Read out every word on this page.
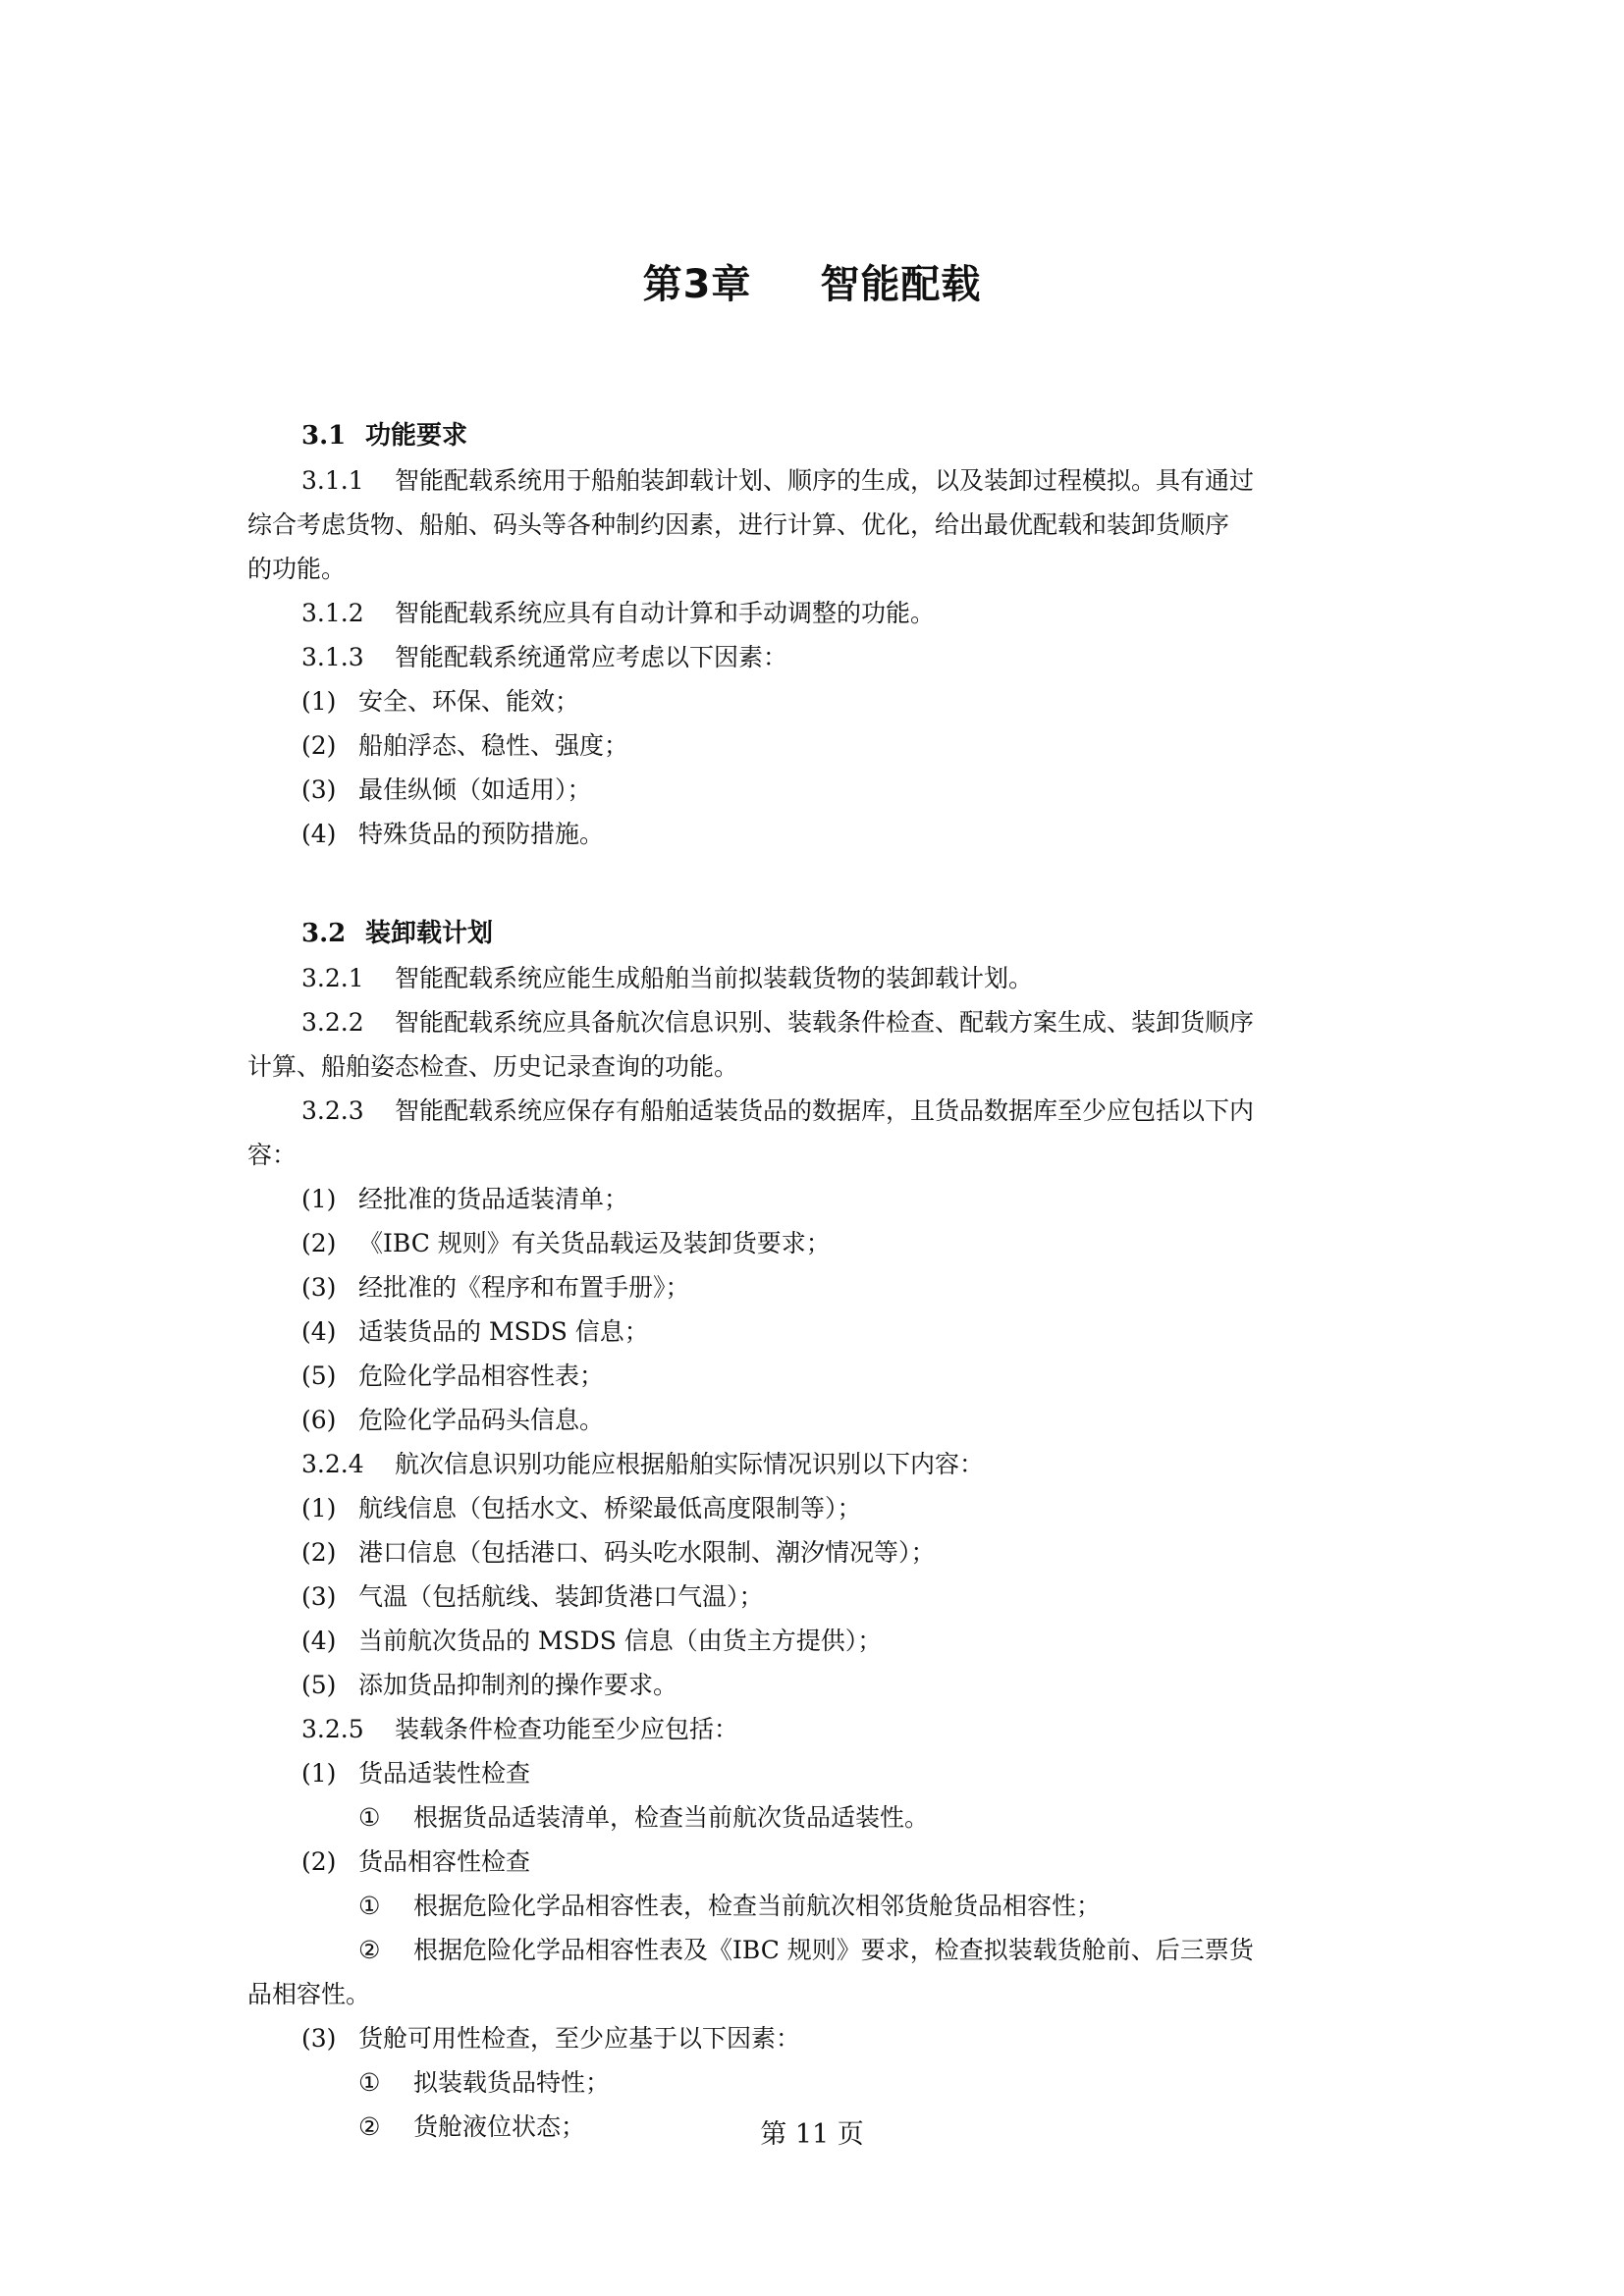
第3章 智能配载
3.1 功能要求
3.1.1 智能配载系统用于船舶装卸载计划、顺序的生成，以及装卸过程模拟。具有通过
综合考虑货物、船舶、码头等各种制约因素，进行计算、优化，给出最优配载和装卸货顺序
的功能。
3.1.2 智能配载系统应具有自动计算和手动调整的功能。
3.1.3 智能配载系统通常应考虑以下因素：
(1) 安全、环保、能效；
(2) 船舶浮态、稳性、强度；
(3) 最佳纵倾（如适用）；
(4) 特殊货品的预防措施。
3.2 装卸载计划
3.2.1 智能配载系统应能生成船舶当前拟装载货物的装卸载计划。
3.2.2 智能配载系统应具备航次信息识别、装载条件检查、配载方案生成、装卸货顺序
计算、船舶姿态检查、历史记录查询的功能。
3.2.3 智能配载系统应保存有船舶适装货品的数据库，且货品数据库至少应包括以下内
容：
(1) 经批准的货品适装清单；
(2) 《IBC 规则》有关货品载运及装卸货要求；
(3) 经批准的《程序和布置手册》；
(4) 适装货品的 MSDS 信息；
(5) 危险化学品相容性表；
(6) 危险化学品码头信息。
3.2.4 航次信息识别功能应根据船舶实际情况识别以下内容：
(1) 航线信息（包括水文、桥梁最低高度限制等）；
(2) 港口信息（包括港口、码头吃水限制、潮汐情况等）；
(3) 气温（包括航线、装卸货港口气温）；
(4) 当前航次货品的 MSDS 信息（由货主方提供）；
(5) 添加货品抑制剂的操作要求。
3.2.5 装载条件检查功能至少应包括：
(1) 货品适装性检查
① 根据货品适装清单，检查当前航次货品适装性。
(2) 货品相容性检查
① 根据危险化学品相容性表，检查当前航次相邻货舱货品相容性；
② 根据危险化学品相容性表及《IBC 规则》要求，检查拟装载货舱前、后三票货
品相容性。
(3) 货舱可用性检查，至少应基于以下因素：
① 拟装载货品特性；
② 货舱液位状态；	第 11 页
